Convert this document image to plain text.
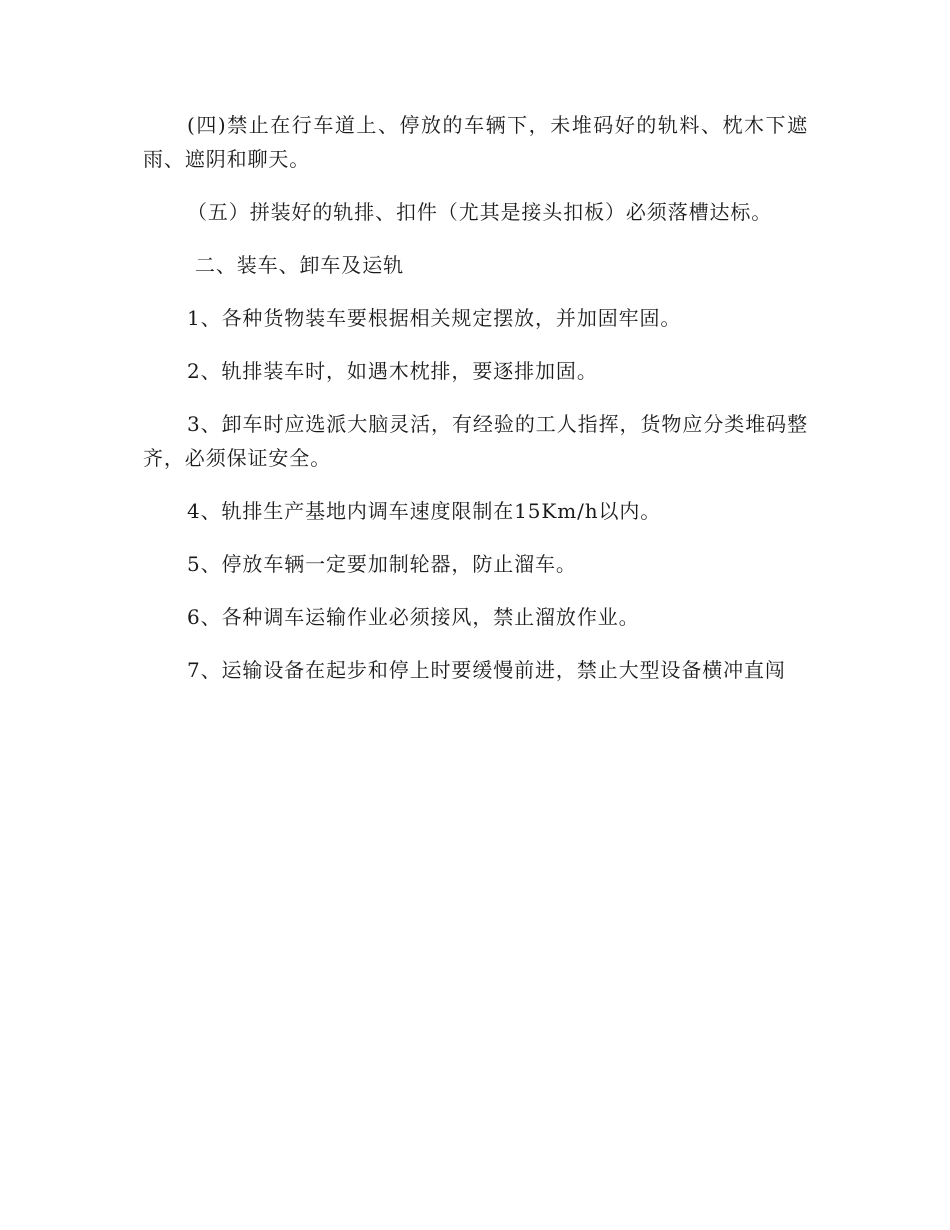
(四)禁止在行车道上、停放的车辆下，未堆码好的轨料、枕木下遮雨、遮阴和聊天。

（五）拼装好的轨排、扣件（尤其是接头扣板）必须落槽达标。

二、装车、卸车及运轨

1、各种货物装车要根据相关规定摆放，并加固牢固。

2、轨排装车时，如遇木枕排，要逐排加固。

3、卸车时应选派大脑灵活，有经验的工人指挥，货物应分类堆码整齐，必须保证安全。

4、轨排生产基地内调车速度限制在15Km/h以内。

5、停放车辆一定要加制轮器，防止溜车。

6、各种调车运输作业必须接风，禁止溜放作业。

7、运输设备在起步和停上时要缓慢前进，禁止大型设备横冲直闯
